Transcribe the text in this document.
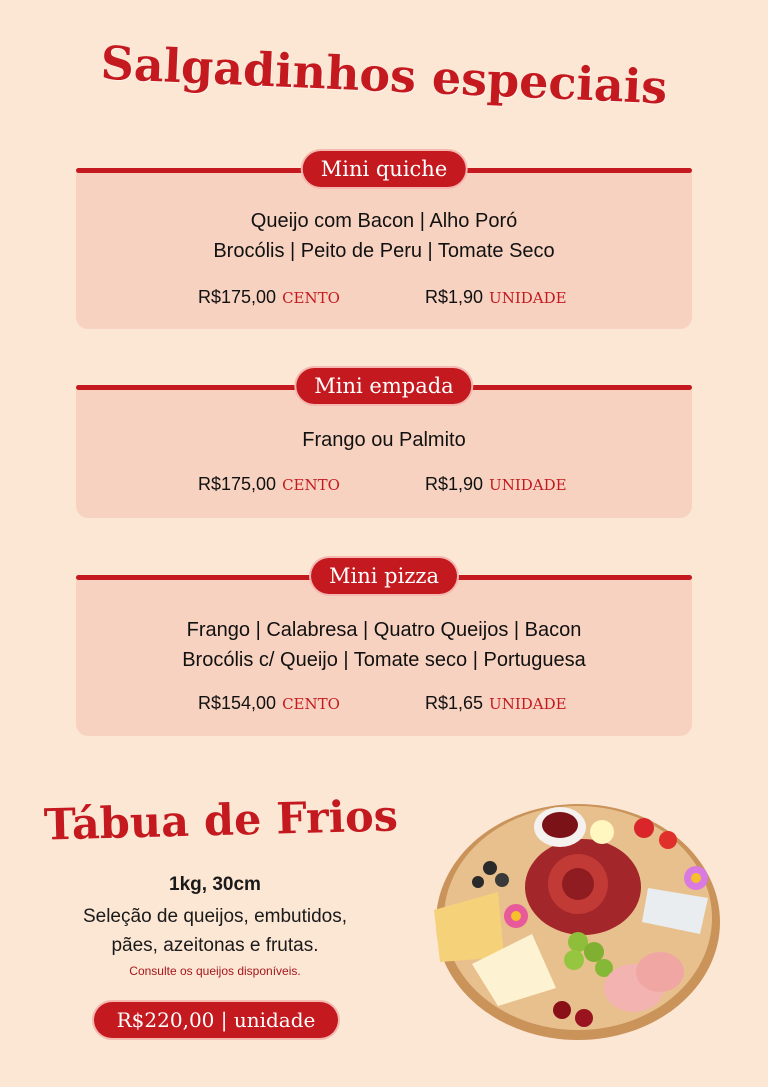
Salgadinhos especiais
Mini quiche
Queijo com Bacon | Alho Poró
Brocólis | Peito de Peru | Tomate Seco
R$175,00 CENTO	R$1,90 UNIDADE
Mini empada
Frango ou Palmito
R$175,00 CENTO	R$1,90 UNIDADE
Mini pizza
Frango | Calabresa | Quatro Queijos | Bacon
Brocólis c/ Queijo | Tomate seco | Portuguesa
R$154,00 CENTO	R$1,65 UNIDADE
Tábua de Frios
1kg, 30cm
Seleção de queijos, embutidos,
pães, azeitonas e frutas.
Consulte os queijos disponíveis.
R$220,00 | unidade
